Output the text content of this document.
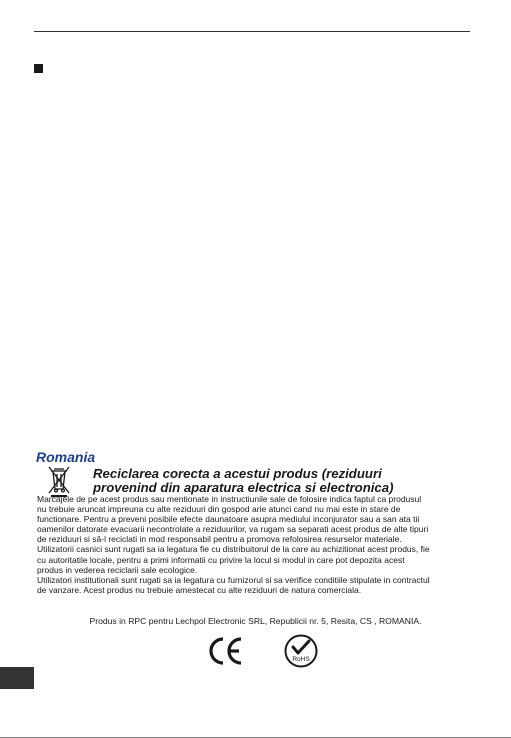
Romania
Reciclarea corecta a acestui produs (reziduuri
provenind din aparatura electrica si electronica)

Marcajele de pe acest produs sau mentionate in instructiunile sale de folosire indica faptul ca produsul

nu trebuie aruncat impreuna cu alte reziduuri din gospod arie atunci cand nu mai este in stare de

functionare. Pentru a preveni posibile efecte daunatoare asupra mediului inconjurator sau a san ata tii

oamenilor datorate evacuarii necontrolate a reziduurilor, va rugam sa separati acest produs de alte tipuri

de reziduuri si sâ-l reciclati in mod responsabil pentru a promova refolosirea resurselor materiale.

Utilizatorii casnici sunt rugati sa ia legatura fie cu distribuitorul de la care au achizitionat acest produs, fie

cu autoritatile locale, pentru a primi informatii cu privire la locul si modul in care pot depozita acest

produs in vederea reciclarii sale ecologice.

Utilizatori institutionali sunt rugati sa ia legatura cu furnizorul si sa verifice conditiile stipulate in contractul

de vanzare. Acest produs nu trebuie amestecat cu alte reziduuri de natura comerciala.

Produs in RPC pentru Lechpol Electronic SRL, Republicii nr. 5, Resita, CS , ROMANIA.
RoHS
